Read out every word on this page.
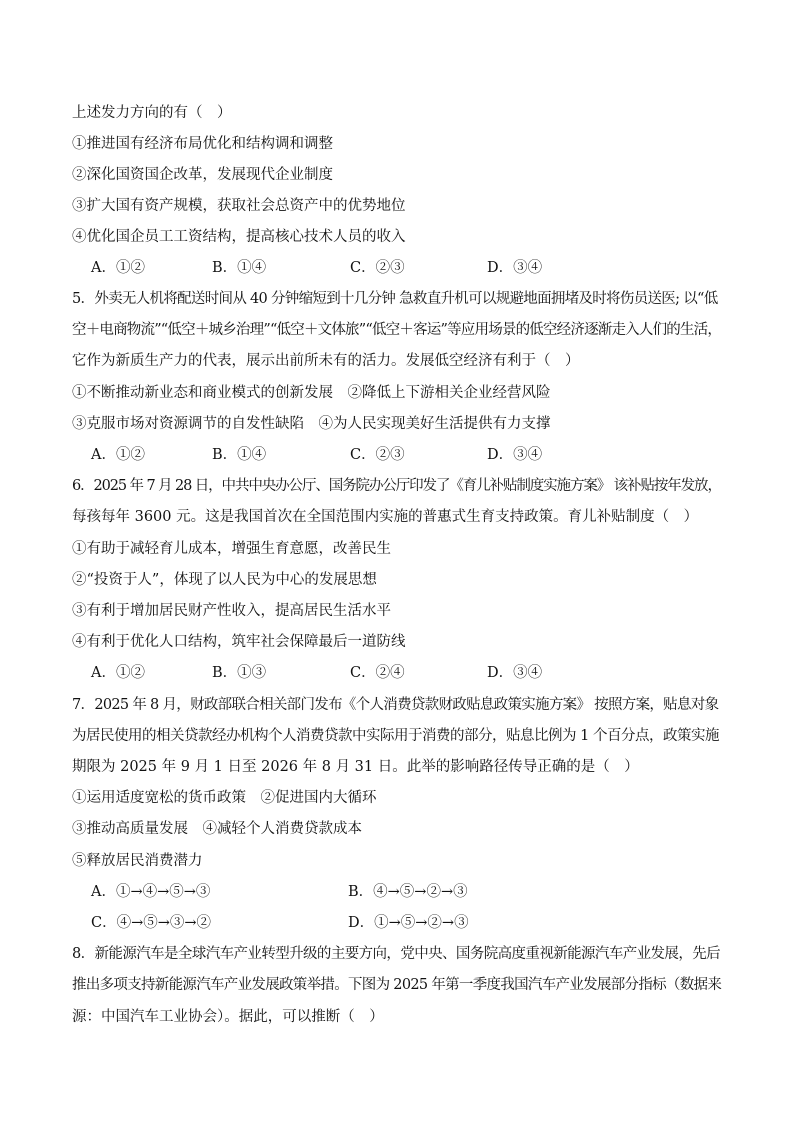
上述发力方向的有（　）
①推进国有经济布局优化和结构调和调整
②深化国资国企改革，发展现代企业制度
③扩大国有资产规模，获取社会总资产中的优势地位
④优化国企员工工资结构，提高核心技术人员的收入
A．①②	B．①④	C．②③	D．③④
5．外卖无人机将配送时间从 40 分钟缩短到十几分钟 急救直升机可以规避地面拥堵及时将伤员送医; 以“低
空＋电商物流”“低空＋城乡治理”“低空＋文体旅”“低空＋客运”等应用场景的低空经济逐渐走入人们的生活，
它作为新质生产力的代表，展示出前所未有的活力。发展低空经济有利于（　）
①不断推动新业态和商业模式的创新发展　②降低上下游相关企业经营风险
③克服市场对资源调节的自发性缺陷　④为人民实现美好生活提供有力支撑
A．①②	B．①④	C．②③	D．③④
6．2025 年 7 月 28 日，中共中央办公厅、国务院办公厅印发了《育儿补贴制度实施方案》 该补贴按年发放，
每孩每年 3600 元。这是我国首次在全国范围内实施的普惠式生育支持政策。育儿补贴制度（　）
①有助于减轻育儿成本，增强生育意愿，改善民生
②“投资于人”，体现了以人民为中心的发展思想
③有利于增加居民财产性收入，提高居民生活水平
④有利于优化人口结构，筑牢社会保障最后一道防线
A．①②	B．①③	C．②④	D．③④
7．2025 年 8 月，财政部联合相关部门发布《个人消费贷款财政贴息政策实施方案》 按照方案，贴息对象
为居民使用的相关贷款经办机构个人消费贷款中实际用于消费的部分，贴息比例为 1 个百分点，政策实施
期限为 2025 年 9 月 1 日至 2026 年 8 月 31 日。此举的影响路径传导正确的是（　）
①运用适度宽松的货币政策　②促进国内大循环
③推动高质量发展　④减轻个人消费贷款成本
⑤释放居民消费潜力
A．①→④→⑤→③	B．④→⑤→②→③
C．④→⑤→③→②	D．①→⑤→②→③
8．新能源汽车是全球汽车产业转型升级的主要方向，党中央、国务院高度重视新能源汽车产业发展，先后
推出多项支持新能源汽车产业发展政策举措。下图为 2025 年第一季度我国汽车产业发展部分指标（数据来
源：中国汽车工业协会）。据此，可以推断（　）
